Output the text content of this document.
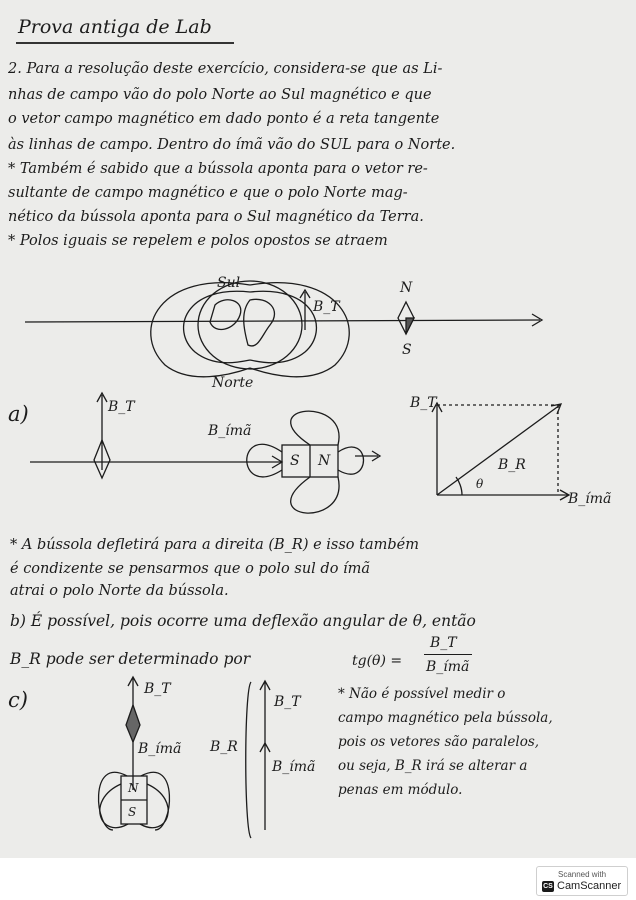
Prova antiga de Lab
2. Para a resolução deste exercício, considera-se que as Li-
nhas de campo vão do polo Norte ao Sul magnético e que
o vetor campo magnético em dado ponto é a reta tangente
às linhas de campo. Dentro do ímã vão do SUL para o Norte.
* Também é sabido que a bússola aponta para o vetor re-
sultante de campo magnético e que o polo Norte mag-
nético da bússola aponta para o Sul magnético da Terra.
* Polos iguais se repelem e polos opostos se atraem
Sul
Norte
B_T
N
S
a)	B_T
B_ímã
S N
B_T
B_R
B_ímã
θ
* A bússola defletirá para a direita (B_R) e isso também
é condizente se pensarmos que o polo sul do ímã
atrai o polo Norte da bússola.
b) É possível, pois ocorre uma deflexão angular de θ, então
B_R pode ser determinado por	tg(θ) =
B_T
B_ímã
c)	B_T
B_ímã B_R
B_T
B_ímã
N
S
* Não é possível medir o
campo magnético pela bússola,
pois os vetores são paralelos,
ou seja, B_R irá se alterar a
penas em módulo.
Scanned with
CS CamScanner
